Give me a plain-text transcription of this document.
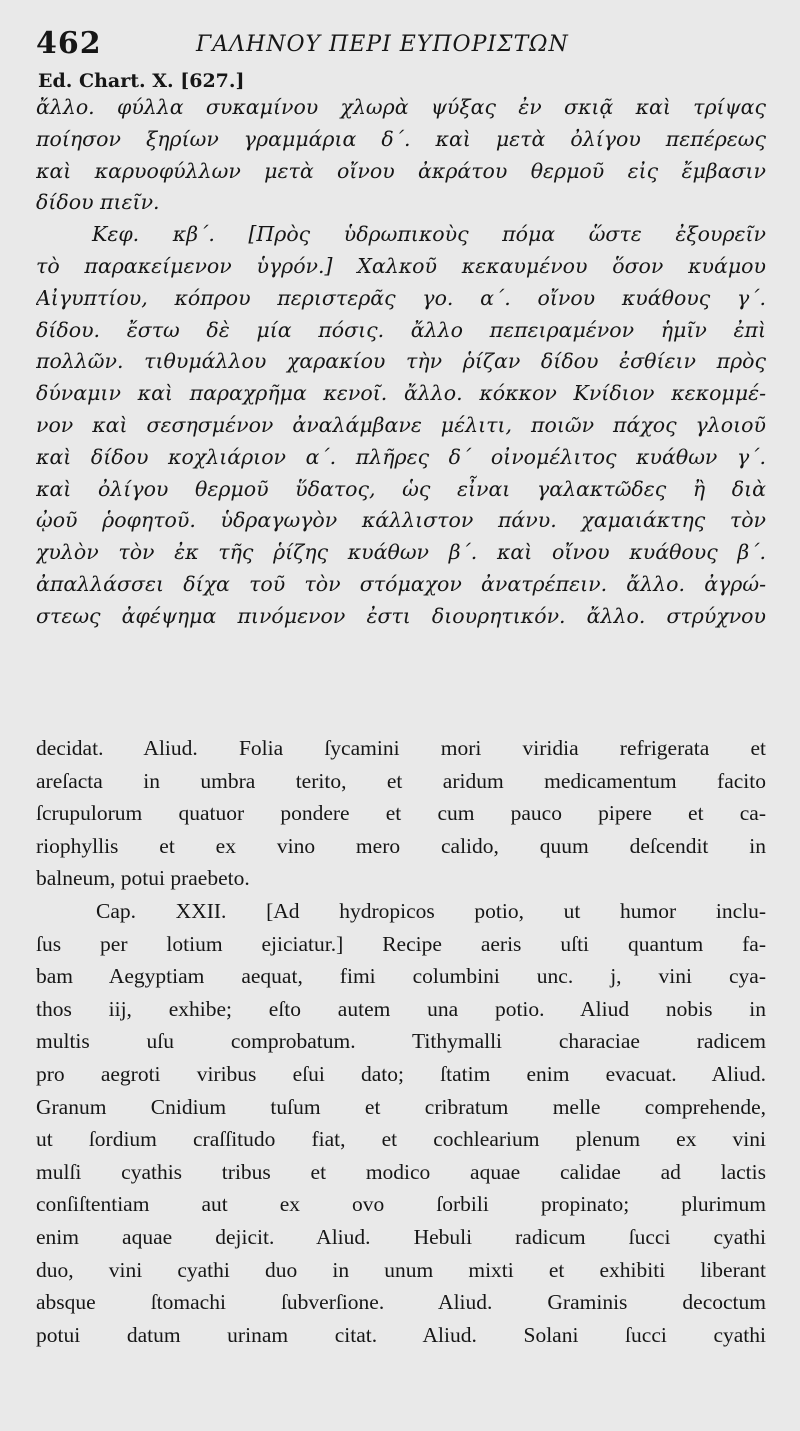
462	ΓΑΛΗΝΟΥ ΠΕΡΙ ΕΥΠΟΡΙΣΤΩΝ
Ed. Chart. X. [627.]
ἄλλο. φύλλα συκαμίνου χλωρὰ ψύξας ἐν σκιᾷ καὶ τρίψας
ποίησον ξηρίων γραμμάρια δ΄. καὶ μετὰ ὀλίγου πεπέρεως
καὶ καρυοφύλλων μετὰ οἴνου ἀκράτου θερμοῦ εἰς ἔμβασιν
δίδου πιεῖν.
Κεφ. κβ΄. [Πρὸς ὑδρωπικοὺς πόμα ὥστε ἐξουρεῖν
τὸ παρακείμενον ὑγρόν.] Χαλκοῦ κεκαυμένου ὅσον κυάμου
Αἰγυπτίου, κόπρου περιστερᾶς γο. α΄. οἴνου κυάθους γ΄.
δίδου. ἔστω δὲ μία πόσις. ἄλλο πεπειραμένον ἡμῖν ἐπὶ
πολλῶν. τιθυμάλλου χαρακίου τὴν ῥίζαν δίδου ἐσθίειν πρὸς
δύναμιν καὶ παραχρῆμα κενοῖ. ἄλλο. κόκκον Κνίδιον κεκομμέ-
νον καὶ σεσησμένον ἀναλάμβανε μέλιτι, ποιῶν πάχος γλοιοῦ
καὶ δίδου κοχλιάριον α΄. πλῆρες δ΄ οἰνομέλιτος κυάθων γ΄.
καὶ ὀλίγου θερμοῦ ὕδατος, ὡς εἶναι γαλακτῶδες ἢ διὰ
ᾠοῦ ῥοφητοῦ. ὑδραγωγὸν κάλλιστον πάνυ. χαμαιάκτης τὸν
χυλὸν τὸν ἐκ τῆς ῥίζης κυάθων β΄. καὶ οἴνου κυάθους β΄.
ἀπαλλάσσει δίχα τοῦ τὸν στόμαχον ἀνατρέπειν. ἄλλο. ἀγρώ-
στεως ἀφέψημα πινόμενον ἐστι διουρητικόν. ἄλλο. στρύχνου
decidat. Aliud. Folia ſycamini mori viridia refrigerata et
areſacta in umbra terito, et aridum medicamentum facito
ſcrupulorum quatuor pondere et cum pauco pipere et ca-
riophyllis et ex vino mero calido, quum deſcendit in
balneum, potui praebeto.
Cap. XXII. [Ad hydropicos potio, ut humor inclu-
ſus per lotium ejiciatur.] Recipe aeris uſti quantum fa-
bam Aegyptiam aequat, fimi columbini unc. j, vini cya-
thos iij, exhibe; eſto autem una potio. Aliud nobis in
multis uſu comprobatum. Tithymalli characiae radicem
pro aegroti viribus eſui dato; ſtatim enim evacuat. Aliud.
Granum Cnidium tuſum et cribratum melle comprehende,
ut ſordium craſſitudo fiat, et cochlearium plenum ex vini
mulſi cyathis tribus et modico aquae calidae ad lactis
conſiſtentiam aut ex ovo ſorbili propinato; plurimum
enim aquae dejicit. Aliud. Hebuli radicum ſucci cyathi
duo, vini cyathi duo in unum mixti et exhibiti liberant
absque ſtomachi ſubverſione. Aliud. Graminis decoctum
potui datum urinam citat. Aliud. Solani ſucci cyathi
